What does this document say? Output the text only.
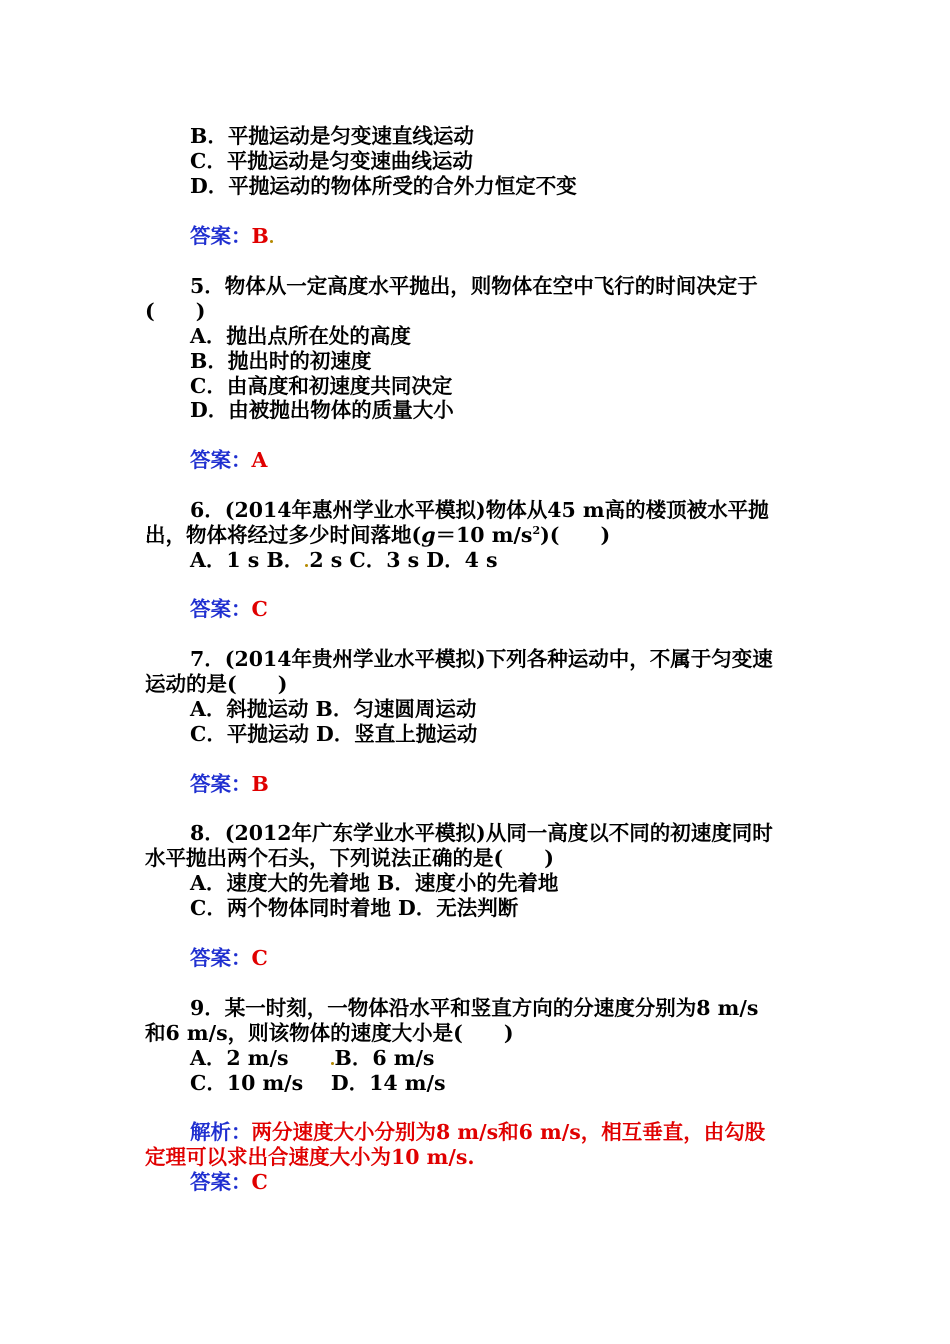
B．平抛运动是匀变速直线运动
C．平抛运动是匀变速曲线运动
D．平抛运动的物体所受的合外力恒定不变
答案：B
5．物体从一定高度水平抛出，则物体在空中飞行的时间决定于
(　　)
A．抛出点所在处的高度
B．抛出时的初速度
C．由高度和初速度共同决定
D．由被抛出物体的质量大小
答案：A
6．(2014年惠州学业水平模拟)物体从45 m高的楼顶被水平抛
出，物体将经过多少时间落地(g＝10 $m/s^2$)(　　)
A．1 s B． 2 s C．3 s D．4 s
答案：C
7．(2014年贵州学业水平模拟)下列各种运动中，不属于匀变速
运动的是(　　)
A．斜抛运动 B．匀速圆周运动
C．平抛运动 D．竖直上抛运动
答案：B
8．(2012年广东学业水平模拟)从同一高度以不同的初速度同时
水平抛出两个石头，下列说法正确的是(　　)
A．速度大的先着地 B．速度小的先着地
C．两个物体同时着地 D．无法判断
答案：C
9．某一时刻，一物体沿水平和竖直方向的分速度分别为8 m/s
和6 m/s，则该物体的速度大小是(　　)
A．2 m/s　　B．6 m/s
C．10 m/s　 D．14 m/s
解析：两分速度大小分别为8 m/s和6 m/s，相互垂直，由勾股
定理可以求出合速度大小为10 m/s.
答案：C
